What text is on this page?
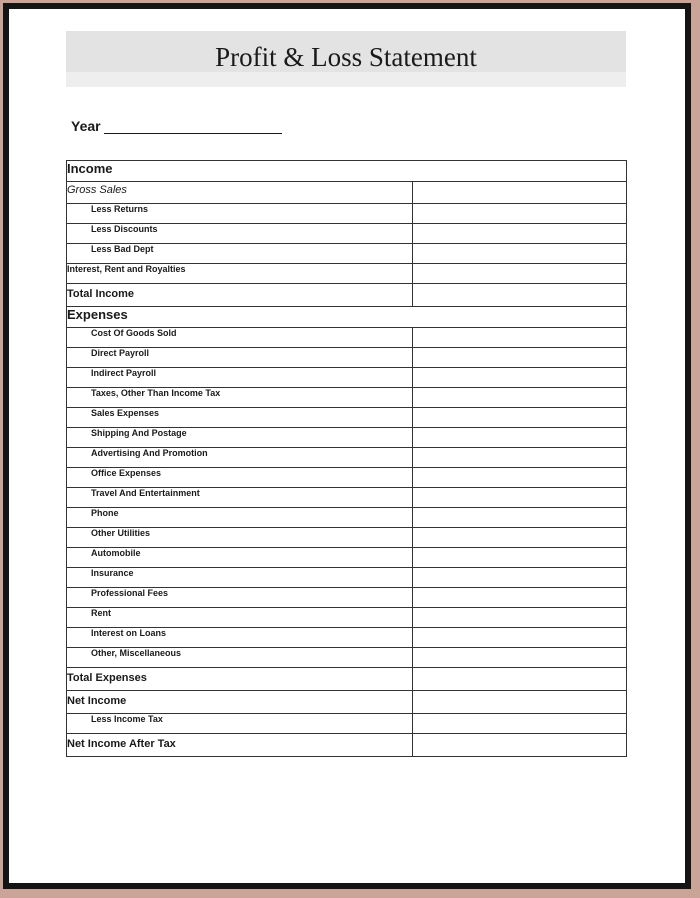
Profit & Loss Statement
Year
Income	
Gross Sales	
Less Returns	
Less Discounts	
Less Bad Dept	
Interest, Rent and Royalties	
Total Income	
Expenses	
Cost Of Goods Sold	
Direct Payroll	
Indirect Payroll	
Taxes, Other Than Income Tax	
Sales Expenses	
Shipping And Postage	
Advertising And Promotion	
Office Expenses	
Travel And Entertainment	
Phone	
Other Utilities	
Automobile	
Insurance	
Professional Fees	
Rent	
Interest on Loans	
Other, Miscellaneous	
Total Expenses	
Net Income	
Less Income Tax	
Net Income After Tax	
